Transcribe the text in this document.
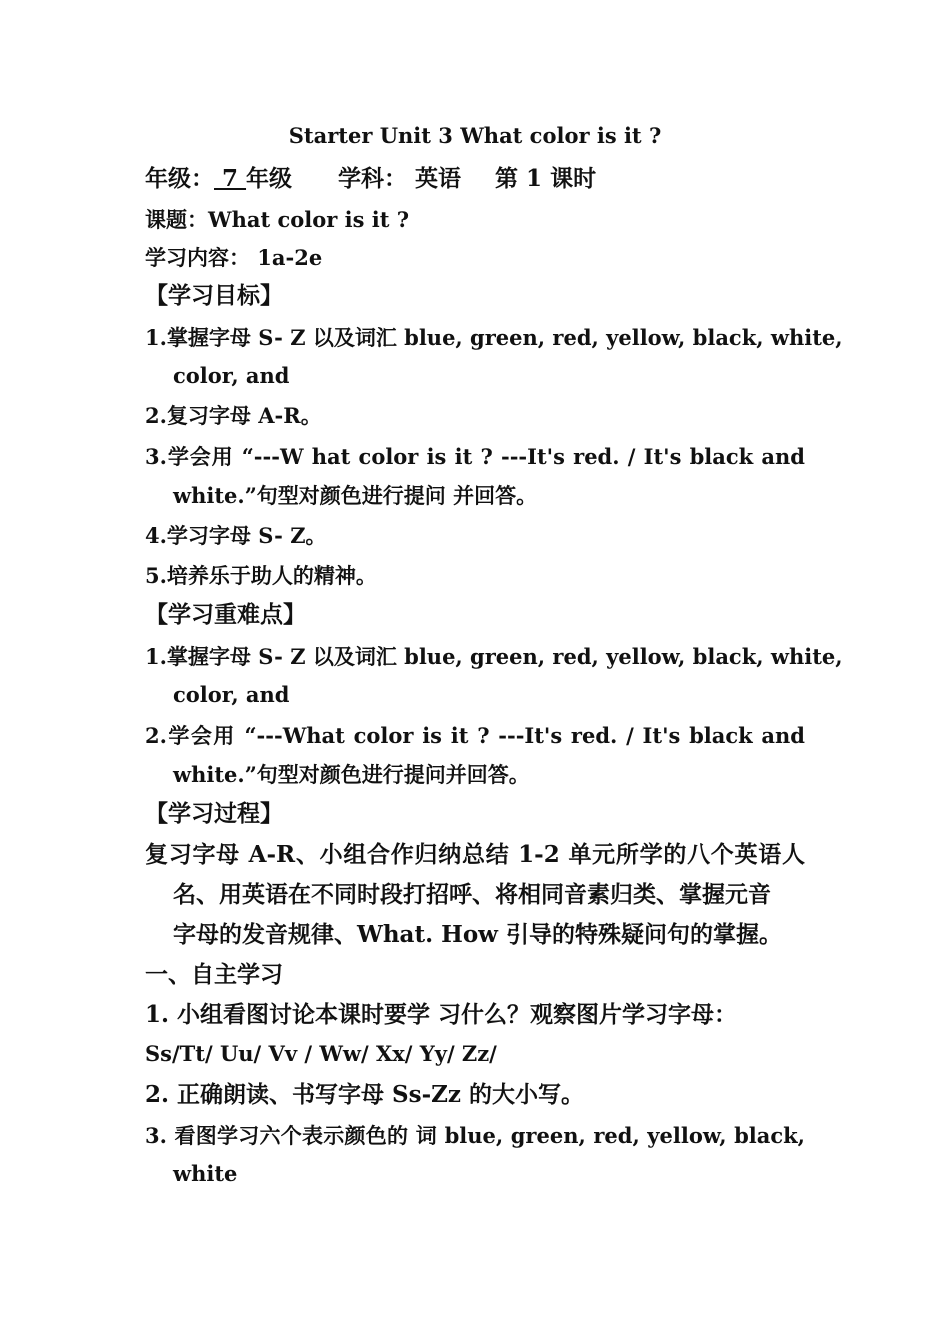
Starter Unit 3 What color is it ?
年级： 7 年级 学科： 英语 第 1 课时
课题：What color is it ?
学习内容： 1a-2e
【学习目标】
1.掌握字母 S- Z 以及词汇 blue, green, red, yellow, black, white,
color, and
2.复习字母 A-R。
3.学会用 “---W hat color is it ? ---It's red. / It's black and
white.”句型对颜色进行提问 并回答。
4.学习字母 S- Z。
5.培养乐于助人的精神。
【学习重难点】
1.掌握字母 S- Z 以及词汇 blue, green, red, yellow, black, white,
color, and
2.学会用 “---What color is it ? ---It's red. / It's black and
white.”句型对颜色进行提问并回答。
【学习过程】
复习字母 A-R、小组合作归纳总结 1-2 单元所学的八个英语人
名、用英语在不同时段打招呼、将相同音素归类、掌握元音
字母的发音规律、What. How 引导的特殊疑问句的掌握。
一、自主学习
1. 小组看图讨论本课时要学 习什么？观察图片学习字母：
Ss/Tt/ Uu/ Vv / Ww/ Xx/ Yy/ Zz/
2. 正确朗读、书写字母 Ss-Zz 的大小写。
3. 看图学习六个表示颜色的 词 blue, green, red, yellow, black,
white
